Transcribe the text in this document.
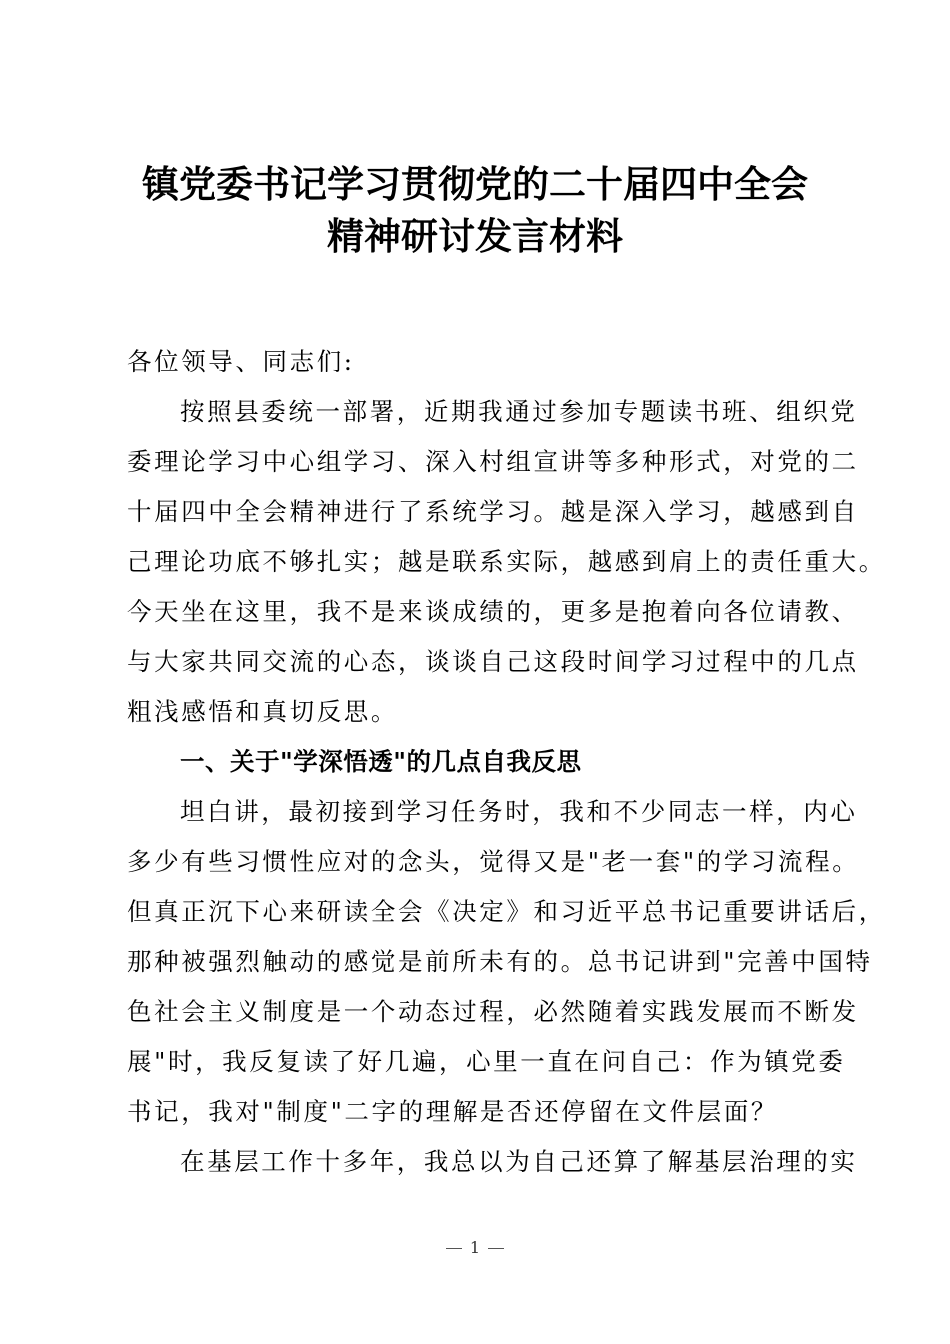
镇党委书记学习贯彻党的二十届四中全会
精神研讨发言材料
各位领导、同志们:
按照县委统一部署，近期我通过参加专题读书班、组织党
委理论学习中心组学习、深入村组宣讲等多种形式，对党的二
十届四中全会精神进行了系统学习。越是深入学习，越感到自
己理论功底不够扎实；越是联系实际，越感到肩上的责任重大。
今天坐在这里，我不是来谈成绩的，更多是抱着向各位请教、
与大家共同交流的心态，谈谈自己这段时间学习过程中的几点
粗浅感悟和真切反思。
一、关于"学深悟透"的几点自我反思
坦白讲，最初接到学习任务时，我和不少同志一样，内心
多少有些习惯性应对的念头，觉得又是"老一套"的学习流程。
但真正沉下心来研读全会《决定》和习近平总书记重要讲话后，
那种被强烈触动的感觉是前所未有的。总书记讲到"完善中国特
色社会主义制度是一个动态过程，必然随着实践发展而不断发
展"时，我反复读了好几遍，心里一直在问自己：作为镇党委
书记，我对"制度"二字的理解是否还停留在文件层面？
在基层工作十多年，我总以为自己还算了解基层治理的实
1
